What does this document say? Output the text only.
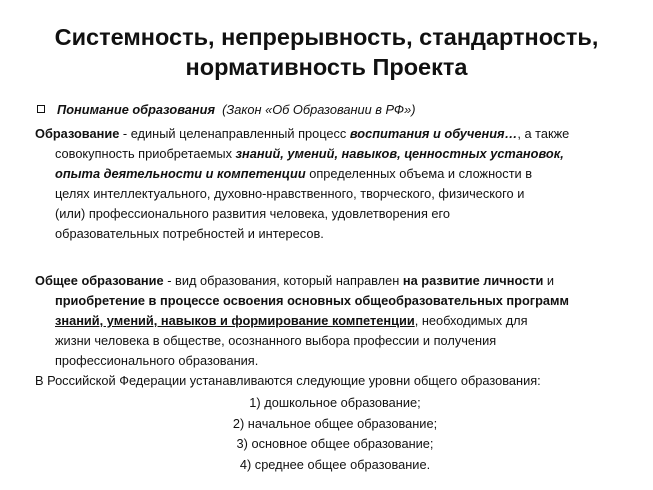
Системность, непрерывность, стандартность,
нормативность Проекта
Понимание образования (Закон «Об Образовании в РФ»)
Образование - единый целенаправленный процесс воспитания и обучения…, а также
совокупность приобретаемых знаний, умений, навыков, ценностных установок,
опыта деятельности и компетенции определенных объема и сложности в
целях интеллектуального, духовно-нравственного, творческого, физического и
(или) профессионального развития человека, удовлетворения его
образовательных потребностей и интересов.
Общее образование - вид образования, который направлен на развитие личности и
приобретение в процессе освоения основных общеобразовательных программ
знаний, умений, навыков и формирование компетенции, необходимых для
жизни человека в обществе, осознанного выбора профессии и получения
профессионального образования.
В Российской Федерации устанавливаются следующие уровни общего образования:
1) дошкольное образование;
2) начальное общее образование;
3) основное общее образование;
4) среднее общее образование.
